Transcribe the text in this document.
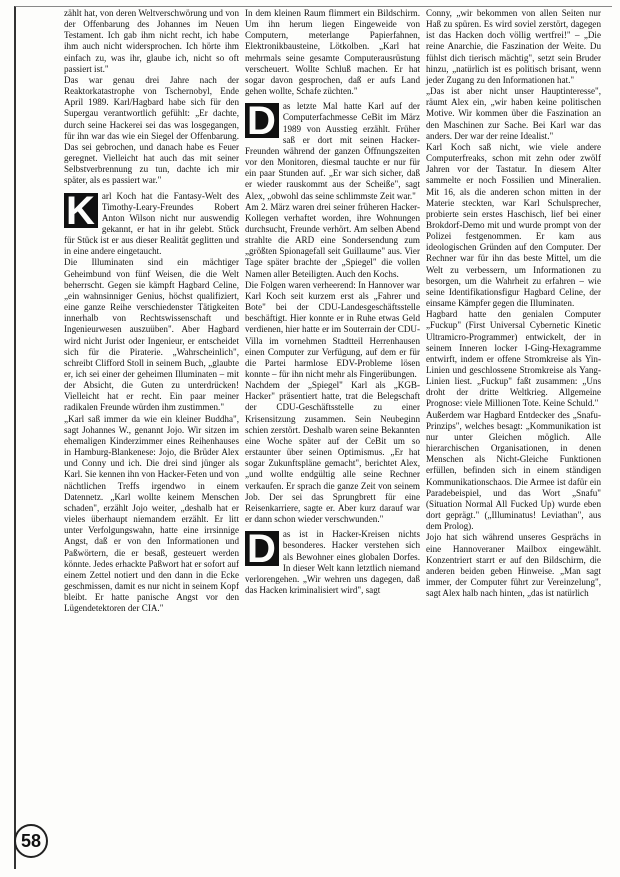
zählt hat, von deren Weltverschwörung und von der Offenbarung des Johannes im Neuen Testament. Ich gab ihm nicht recht, ich habe ihm auch nicht widersprochen. Ich hörte ihm einfach zu, was ihr, glaube ich, nicht so oft passiert ist."

Das war genau drei Jahre nach der Reaktorkatastrophe von Tschernobyl, Ende April 1989. Karl/Hagbard habe sich für den Supergau verantwortlich gefühlt: „Er dachte, durch seine Hackerei sei das was losgegangen, für ihn war das wie ein Siegel der Offenbarung. Das sei gebrochen, und danach habe es Feuer geregnet. Vielleicht hat auch das mit seiner Selbstverbrennung zu tun, dachte ich mir später, als es passiert war."

K arl Koch hat die Fantasy-Welt des Timothy-Leary-Freundes Robert Anton Wilson nicht nur auswendig gekannt, er hat in ihr gelebt. Stück für Stück ist er aus dieser Realität geglitten und in eine andere eingetaucht.

Die Illuminaten sind ein mächtiger Geheimbund von fünf Weisen, die die Welt beherrscht. Gegen sie kämpft Hagbard Celine, „ein wahnsinniger Genius, höchst qualifiziert, eine ganze Reihe verschiedenster Tätigkeiten innerhalb von Rechtswissenschaft und Ingenieurwesen auszuüben". Aber Hagbard wird nicht Jurist oder Ingenieur, er entscheidet sich für die Piraterie. „Wahrscheinlich", schreibt Clifford Stoll in seinem Buch, „glaubte er, ich sei einer der geheimen Illuminaten – mit der Absicht, die Guten zu unterdrücken! Vielleicht hat er recht. Ein paar meiner radikalen Freunde würden ihm zustimmen."

„Karl saß immer da wie ein kleiner Buddha", sagt Johannes W., genannt Jojo. Wir sitzen im ehemaligen Kinderzimmer eines Reihenhauses in Hamburg-Blankenese: Jojo, die Brüder Alex und Conny und ich. Die drei sind jünger als Karl. Sie kennen ihn von Hacker-Feten und von nächtlichen Treffs irgendwo in einem Datennetz. „Karl wollte keinem Menschen schaden", erzählt Jojo weiter, „deshalb hat er vieles überhaupt niemandem erzählt. Er litt unter Verfolgungswahn, hatte eine irrsinnige Angst, daß er von den Informationen und Paßwörtern, die er besaß, gesteuert werden könnte. Jedes erhackte Paßwort hat er sofort auf einem Zettel notiert und den dann in die Ecke geschmissen, damit es nur nicht in seinem Kopf bleibt. Er hatte panische Angst vor den Lügendetektoren der CIA."

In dem kleinen Raum flimmert ein Bildschirm. Um ihn herum liegen Eingeweide von Computern, meterlange Papierfahnen, Elektronikbausteine, Lötkolben. „Karl hat mehrmals seine gesamte Computerausrüstung verscheuert. Wollte Schluß machen. Er hat sogar davon gesprochen, daß er aufs Land gehen wollte, Schafe züchten."

D as letzte Mal hatte Karl auf der Computerfachmesse CeBit im März 1989 von Ausstieg erzählt. Früher saß er dort mit seinen Hacker-Freunden während der ganzen Öffnungszeiten vor den Monitoren, diesmal tauchte er nur für ein paar Stunden auf. „Er war sich sicher, daß er wieder rauskommt aus der Scheiße", sagt Alex, „obwohl das seine schlimmste Zeit war."

Am 2. März waren drei seiner früheren Hacker-Kollegen verhaftet worden, ihre Wohnungen durchsucht, Freunde verhört. Am selben Abend strahlte die ARD eine Sondersendung zum „größten Spionagefall seit Guillaume" aus. Vier Tage später brachte der „Spiegel" die vollen Namen aller Beteiligten. Auch den Kochs.

Die Folgen waren verheerend: In Hannover war Karl Koch seit kurzem erst als „Fahrer und Bote" bei der CDU-Landesgeschäftsstelle beschäftigt. Hier konnte er in Ruhe etwas Geld verdienen, hier hatte er im Souterrain der CDU-Villa im vornehmen Stadtteil Herrenhausen einen Computer zur Verfügung, auf dem er für die Partei harmlose EDV-Probleme lösen konnte – für ihn nicht mehr als Fingerübungen.

Nachdem der „Spiegel" Karl als „KGB-Hacker" präsentiert hatte, trat die Belegschaft der CDU-Geschäftsstelle zu einer Krisensitzung zusammen. Sein Neubeginn schien zerstört. Deshalb waren seine Bekannten eine Woche später auf der CeBit um so erstaunter über seinen Optimismus. „Er hat sogar Zukunftspläne gemacht", berichtet Alex, „und wollte endgültig alle seine Rechner verkaufen. Er sprach die ganze Zeit von seinem Job. Der sei das Sprungbrett für eine Reisenkarriere, sagte er. Aber kurz darauf war er dann schon wieder verschwunden."

D as ist in Hacker-Kreisen nichts besonderes. Hacker verstehen sich als Bewohner eines globalen Dorfes. In dieser Welt kann letztlich niemand verlorengehen. „Wir wehren uns dagegen, daß das Hacken kriminalisiert wird", sagt

Conny, „wir bekommen von allen Seiten nur Haß zu spüren. Es wird soviel zerstört, dagegen ist das Hacken doch völlig wertfrei!" – „Die reine Anarchie, die Faszination der Weite. Du fühlst dich tierisch mächtig", setzt sein Bruder hinzu, „natürlich ist es politisch brisant, wenn jeder Zugang zu den Informationen hat."

„Das ist aber nicht unser Hauptinteresse", räumt Alex ein, „wir haben keine politischen Motive. Wir kommen über die Faszination an den Maschinen zur Sache. Bei Karl war das anders. Der war der reine Idealist."

Karl Koch saß nicht, wie viele andere Computerfreaks, schon mit zehn oder zwölf Jahren vor der Tastatur. In diesem Alter sammelte er noch Fossilien und Mineralien. Mit 16, als die anderen schon mitten in der Materie steckten, war Karl Schulsprecher, probierte sein erstes Haschisch, lief bei einer Brokdorf-Demo mit und wurde prompt von der Polizei festgenommen. Er kam aus ideologischen Gründen auf den Computer. Der Rechner war für ihn das beste Mittel, um die Welt zu verbessern, um Informationen zu besorgen, um die Wahrheit zu erfahren – wie seine Identifikationsfigur Hagbard Celine, der einsame Kämpfer gegen die Illuminaten.

Hagbard hatte den genialen Computer „Fuckup" (First Universal Cybernetic Kinetic Ultramicro-Programmer) entwickelt, der in seinem Inneren locker I-Ging-Hexagramme entwirft, indem er offene Stromkreise als Yin-Linien und geschlossene Stromkreise als Yang-Linien liest. „Fuckup" faßt zusammen: „Uns droht der dritte Weltkrieg. Allgemeine Prognose: viele Millionen Tote. Keine Schuld."

Außerdem war Hagbard Entdecker des „Snafu-Prinzips", welches besagt: „Kommunikation ist nur unter Gleichen möglich. Alle hierarchischen Organisationen, in denen Menschen als Nicht-Gleiche Funktionen erfüllen, befinden sich in einem ständigen Kommunikationschaos. Die Armee ist dafür ein Paradebeispiel, und das Wort „Snafu" (Situation Normal All Fucked Up) wurde eben dort geprägt." („Illuminatus! Leviathan", aus dem Prolog).

Jojo hat sich während unseres Gesprächs in eine Hannoveraner Mailbox eingewählt. Konzentriert starrt er auf den Bildschirm, die anderen beiden geben Hinweise. „Man sagt immer, der Computer führt zur Vereinzelung", sagt Alex halb nach hinten, „das ist natürlich

58
